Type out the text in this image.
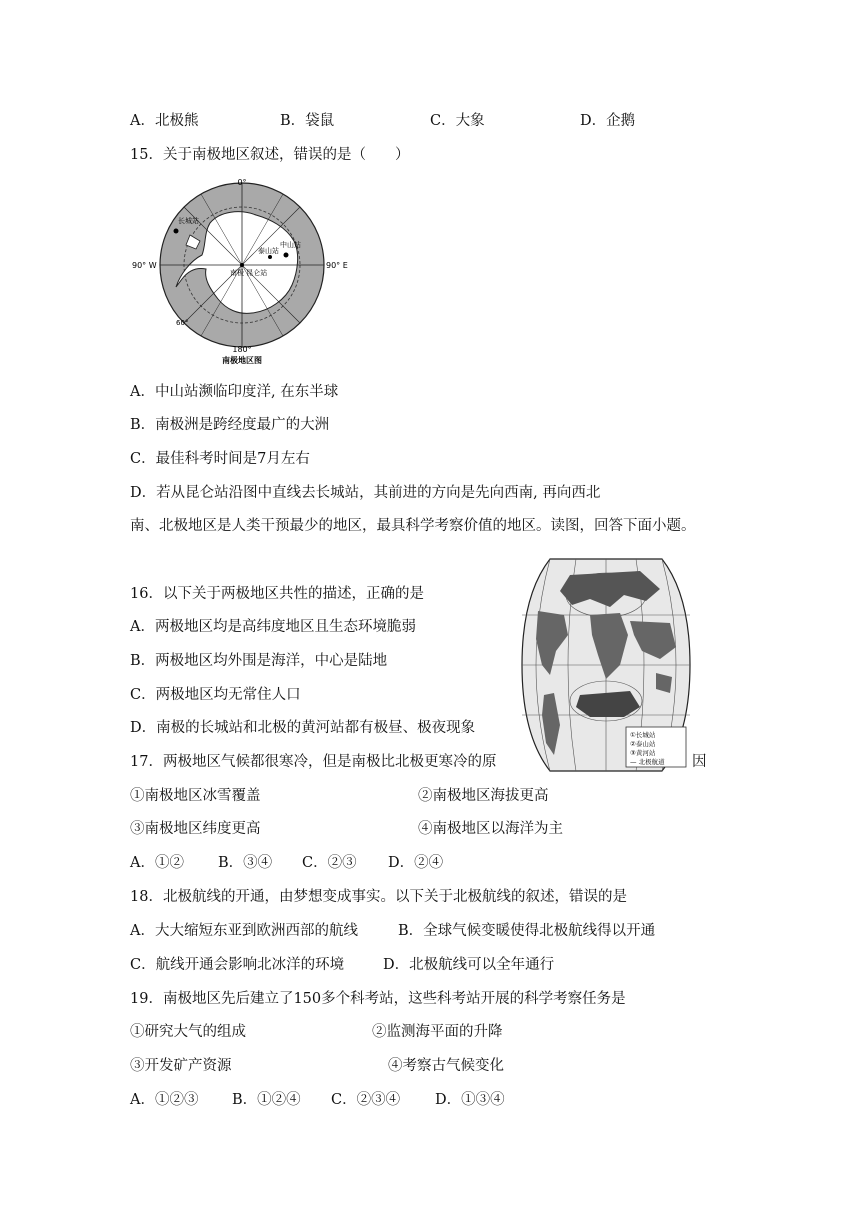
A．北极熊	B．袋鼠	C．大象	D．企鹅
15．关于南极地区叙述，错误的是（　　）
0°
90° W	90° E
180°
60°
长城站
中山站
泰山站
南极 昆仑站
南极地区图
A．中山站濒临印度洋, 在东半球
B．南极洲是跨经度最广的大洲
C．最佳科考时间是7月左右
D．若从昆仑站沿图中直线去长城站，其前进的方向是先向西南, 再向西北
南、北极地区是人类干预最少的地区，最具科学考察价值的地区。读图，回答下面小题。
①长城站
②泰山站
③黄河站
— 北极航道
16．以下关于两极地区共性的描述，正确的是
A．两极地区均是高纬度地区且生态环境脆弱
B．两极地区均外围是海洋，中心是陆地
C．两极地区均无常住人口
D．南极的长城站和北极的黄河站都有极昼、极夜现象
17．两极地区气候都很寒冷，但是南极比北极更寒冷的原	因
①南极地区冰雪覆盖	②南极地区海拔更高
③南极地区纬度更高	④南极地区以海洋为主
A．①② B．③④ C．②③ D．②④
18．北极航线的开通，由梦想变成事实。以下关于北极航线的叙述，错误的是
A．大大缩短东亚到欧洲西部的航线	B．全球气候变暖使得北极航线得以开通
C．航线开通会影响北冰洋的环境	D．北极航线可以全年通行
19．南极地区先后建立了150多个科考站，这些科考站开展的科学考察任务是
①研究大气的组成	②监测海平面的升降
③开发矿产资源	④考察古气候变化
A．①②③ B．①②④ C．②③④ D．①③④
